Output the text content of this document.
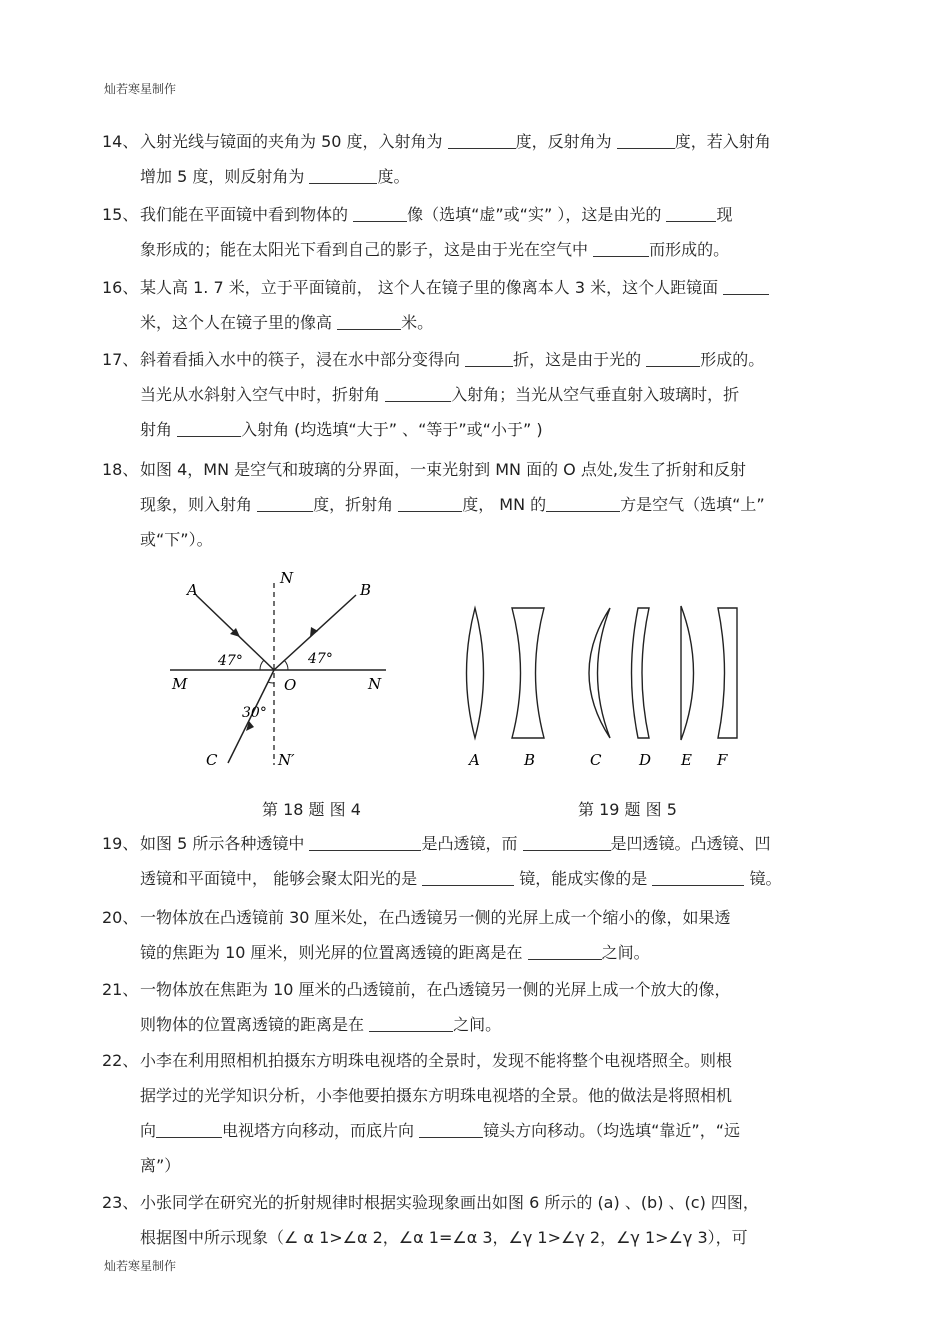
灿若寒星制作
14、 入射光线与镜面的夹角为 50 度，入射角为	度，反射角为	度，若入射角
增加 5 度，则反射角为	度。
15、 我们能在平面镜中看到物体的	像（选填“虚”或“实” ），这是由光的	现
象形成的；能在太阳光下看到自己的影子，这是由于光在空气中	而形成的。
16、 某人高 1. 7 米，立于平面镜前， 这个人在镜子里的像离本人 3 米，这个人距镜面
米，这个人在镜子里的像高	米。
17、 斜着看插入水中的筷子，浸在水中部分变得向	折，这是由于光的	形成的。
当光从水斜射入空气中时，折射角	入射角；当光从空气垂直射入玻璃时，折
射角	入射角 (均选填“大于” 、“等于”或“小于” )
18、 如图 4，MN 是空气和玻璃的分界面，一束光射到 MN 面的 O 点处,发生了折射和反射
现象，则入射角	度，折射角	度， MN 的	方是空气（选填“上”
或“下”）。
A	B
N
M	O	N
C	N′
47°	47°
30°
A	B	C	D E F
第 18 题 图 4	第 19 题 图 5
19、 如图 5 所示各种透镜中	是凸透镜，而	是凹透镜。凸透镜、凹
透镜和平面镜中， 能够会聚太阳光的是	镜，能成实像的是	镜。
20、 一物体放在凸透镜前 30 厘米处，在凸透镜另一侧的光屏上成一个缩小的像，如果透
镜的焦距为 10 厘米，则光屏的位置离透镜的距离是在	之间。
21、 一物体放在焦距为 10 厘米的凸透镜前，在凸透镜另一侧的光屏上成一个放大的像，
则物体的位置离透镜的距离是在	之间。
22、 小李在利用照相机拍摄东方明珠电视塔的全景时，发现不能将整个电视塔照全。则根
据学过的光学知识分析，小李他要拍摄东方明珠电视塔的全景。他的做法是将照相机
向	电视塔方向移动，而底片向	镜头方向移动。（均选填“靠近”，“远
离”）
23、 小张同学在研究光的折射规律时根据实验现象画出如图 6 所示的 (a) 、(b) 、(c) 四图，
根据图中所示现象（∠ α 1>∠α 2，∠α 1=∠α 3，∠γ 1>∠γ 2，∠γ 1>∠γ 3），可
灿若寒星制作
